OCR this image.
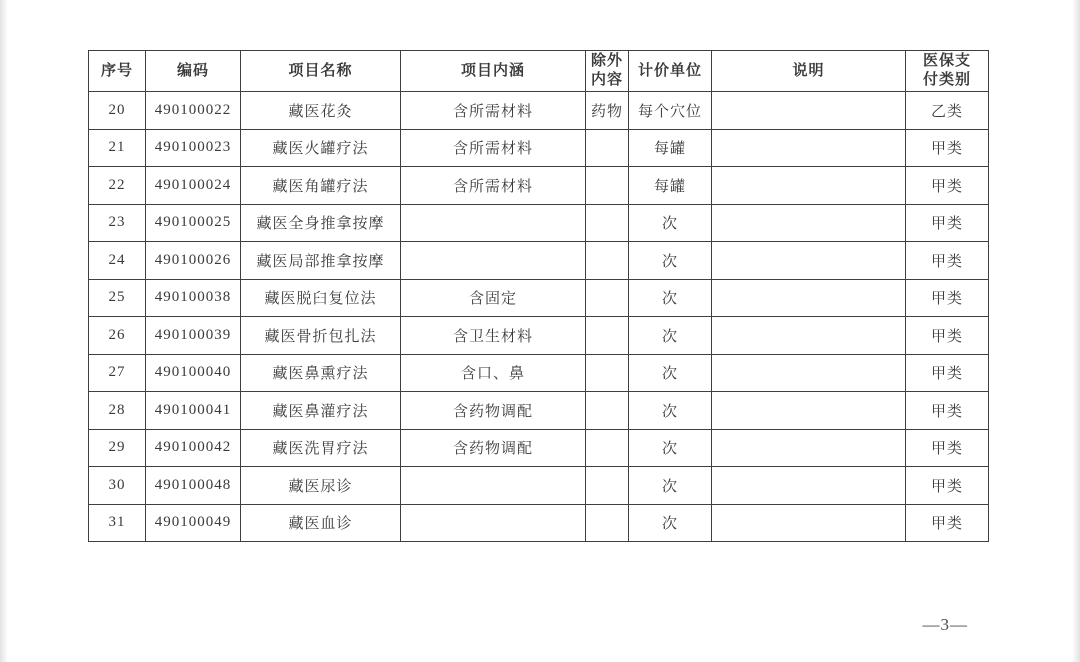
序号	编码	项目名称	项目内涵	除外内容	计价单位	说明	医保支付类别
20	490100022	藏医花灸	含所需材料	药物	每个穴位		乙类
21	490100023	藏医火罐疗法	含所需材料		每罐		甲类
22	490100024	藏医角罐疗法	含所需材料		每罐		甲类
23	490100025	藏医全身推拿按摩			次		甲类
24	490100026	藏医局部推拿按摩			次		甲类
25	490100038	藏医脱臼复位法	含固定		次		甲类
26	490100039	藏医骨折包扎法	含卫生材料		次		甲类
27	490100040	藏医鼻熏疗法	含口、鼻		次		甲类
28	490100041	藏医鼻灌疗法	含药物调配		次		甲类
29	490100042	藏医洗胃疗法	含药物调配		次		甲类
30	490100048	藏医尿诊			次		甲类
31	490100049	藏医血诊			次		甲类
—3—
